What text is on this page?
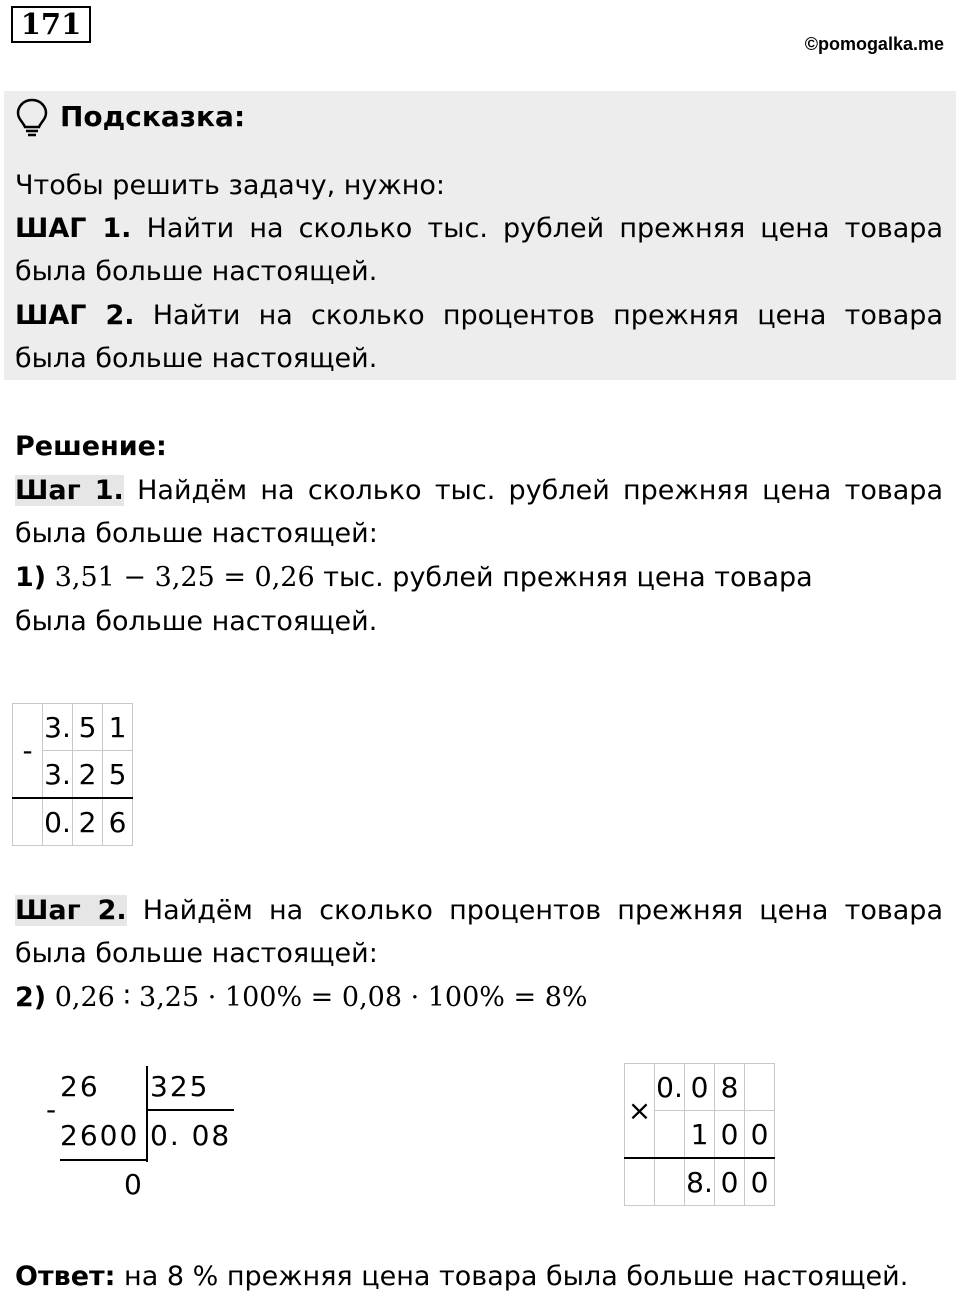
171
©pomogalka.me
Подсказка:
Чтобы решить задачу, нужно:
ШАГ 1. Найти на сколько тыс. рублей прежняя цена товара
была больше настоящей.
ШАГ 2. Найти на сколько процентов прежняя цена товара
была больше настоящей.
Решение:
Шаг 1. Найдём на сколько тыс. рублей прежняя цена товара
была больше настоящей:
1) 3,51 − 3,25 = 0,26 тыс. рублей прежняя цена товара
была больше настоящей.
-	3.	5	1
	3.	2	5
	0.	2	6
Шаг 2. Найдём на сколько процентов прежняя цена товара
была больше настоящей:
2) 0,26 ∶ 3,25 · 100% = 0,08 · 100% = 8%
-
26 325
2600 0. 08
0
×	0.	0	8	
		1	0	0
		8.	0	0
Ответ: на 8 % прежняя цена товара была больше настоящей.
